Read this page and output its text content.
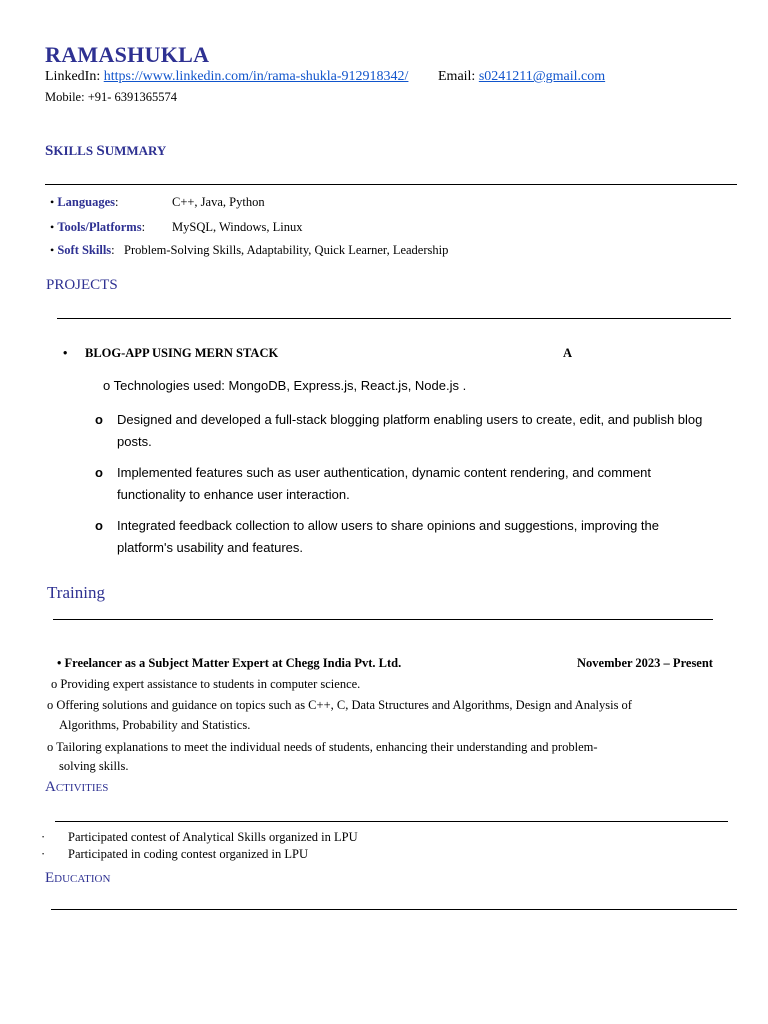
RAMASHUKLA
LinkedIn: https://www.linkedin.com/in/rama-shukla-912918342/ Email: s0241211@gmail.com
Mobile: +91- 6391365574
SKILLS SUMMARY
• Languages:	C++, Java, Python
• Tools/Platforms: MySQL, Windows, Linux
• Soft Skills:   Problem-Solving Skills, Adaptability, Quick Learner, Leadership
PROJECTS
• BLOG-APP USING MERN STACK	A
o Technologies used: MongoDB, Express.js, React.js, Node.js .
o Designed and developed a full-stack blogging platform enabling users to create, edit, and publish blog posts.
o Implemented features such as user authentication, dynamic content rendering, and comment functionality to enhance user interaction.
o Integrated feedback collection to allow users to share opinions and suggestions, improving the platform's usability and features.
Training
• Freelancer as a Subject Matter Expert at Chegg India Pvt. Ltd.	November 2023 – Present
o Providing expert assistance to students in computer science.
o Offering solutions and guidance on topics such as C++, C, Data Structures and Algorithms, Design and Analysis of
Algorithms, Probability and Statistics.
o Tailoring explanations to meet the individual needs of students, enhancing their understanding and problem-
solving skills.
ACTIVITIES
· Participated contest of Analytical Skills organized in LPU
· Participated in coding contest organized in LPU
EDUCATION
